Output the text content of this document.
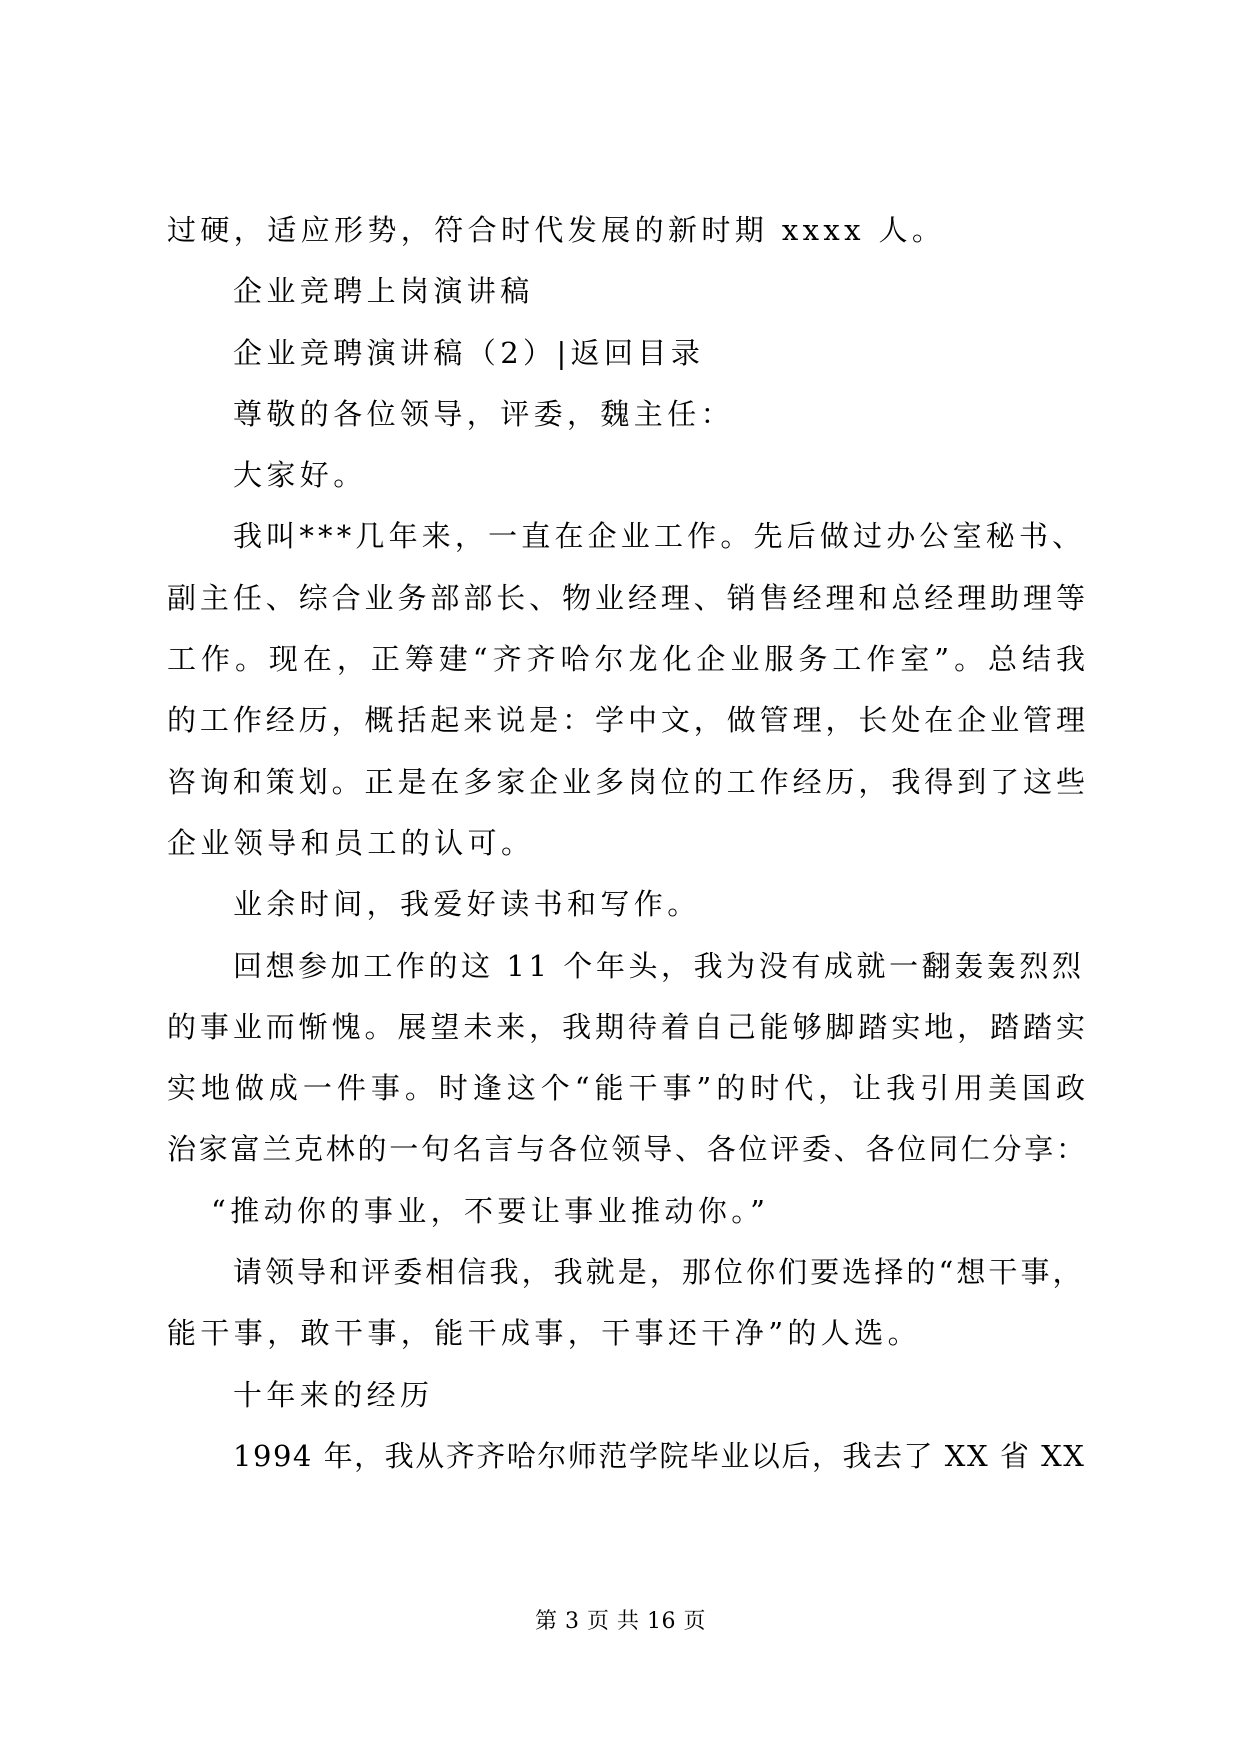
过硬，适应形势，符合时代发展的新时期 xxxx 人。
企业竞聘上岗演讲稿
企业竞聘演讲稿（2）|返回目录
尊敬的各位领导，评委，魏主任：
大家好。
我叫***几年来，一直在企业工作。先后做过办公室秘书、
副主任、综合业务部部长、物业经理、销售经理和总经理助理等
工作。现在，正筹建“齐齐哈尔龙化企业服务工作室”。总结我
的工作经历，概括起来说是：学中文，做管理，长处在企业管理
咨询和策划。正是在多家企业多岗位的工作经历，我得到了这些
企业领导和员工的认可。
业余时间，我爱好读书和写作。
回想参加工作的这 11 个年头，我为没有成就一翻轰轰烈烈
的事业而惭愧。展望未来，我期待着自己能够脚踏实地，踏踏实
实地做成一件事。时逢这个“能干事”的时代，让我引用美国政
治家富兰克林的一句名言与各位领导、各位评委、各位同仁分享：
“推动你的事业，不要让事业推动你。”
请领导和评委相信我，我就是，那位你们要选择的“想干事，
能干事，敢干事，能干成事，干事还干净”的人选。
十年来的经历
1994 年，我从齐齐哈尔师范学院毕业以后，我去了 XX 省 XX
第 3 页 共 16 页
